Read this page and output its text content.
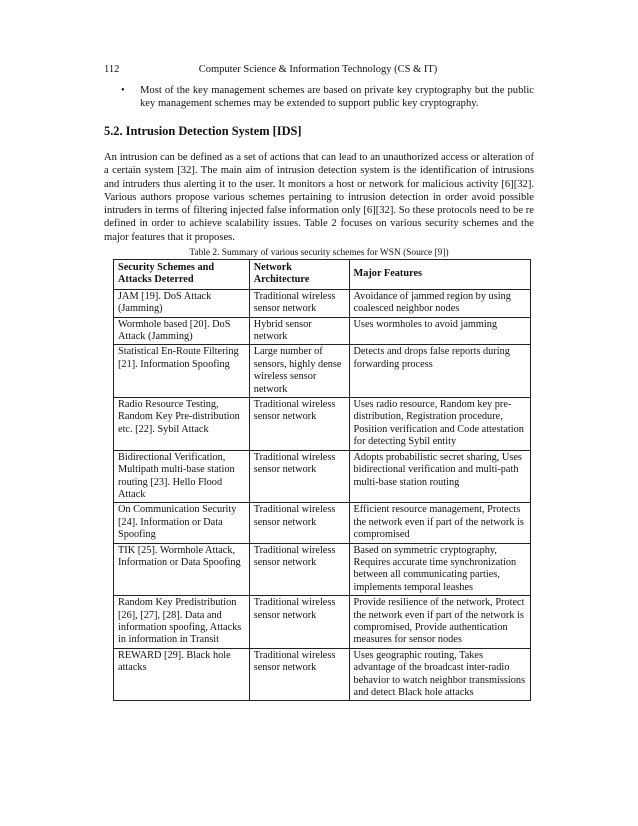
112	Computer Science & Information Technology (CS & IT)
• Most of the key management schemes are based on private key cryptography but the public key management schemes may be extended to support public key cryptography.
5.2. Intrusion Detection System [IDS]
An intrusion can be defined as a set of actions that can lead to an unauthorized access or alteration of a certain system [32]. The main aim of intrusion detection system is the identification of intrusions and intruders thus alerting it to the user. It monitors a host or network for malicious activity [6][32]. Various authors propose various schemes pertaining to intrusion detection in order avoid possible intruders in terms of filtering injected false information only [6][32]. So these protocols need to be re defined in order to achieve scalability issues. Table 2 focuses on various security schemes and the major features that it proposes.
Table 2. Summary of various security schemes for WSN (Source [9])
Security Schemes and Attacks Deterred	Network Architecture	Major Features
JAM [19]. DoS Attack (Jamming)	Traditional wireless sensor network	Avoidance of jammed region by using coalesced neighbor nodes
Wormhole based [20]. DoS Attack (Jamming)	Hybrid sensor network	Uses wormholes to avoid jamming
Statistical En-Route Filtering [21]. Information Spoofing	Large number of sensors, highly dense wireless sensor network	Detects and drops false reports during forwarding process
Radio Resource Testing, Random Key Pre-distribution etc. [22]. Sybil Attack	Traditional wireless sensor network	Uses radio resource, Random key pre-distribution, Registration procedure, Position verification and Code attestation for detecting Sybil entity
Bidirectional Verification, Multipath multi-base station routing [23]. Hello Flood Attack	Traditional wireless sensor network	Adopts probabilistic secret sharing, Uses bidirectional verification and multi-path multi-base station routing
On Communication Security [24]. Information or Data Spoofing	Traditional wireless sensor network	Efficient resource management, Protects the network even if part of the network is compromised
TIK [25]. Wormhole Attack, Information or Data Spoofing	Traditional wireless sensor network	Based on symmetric cryptography, Requires accurate time synchronization between all communicating parties, implements temporal leashes
Random Key Predistribution [26], [27], [28]. Data and information spoofing, Attacks in information in Transit	Traditional wireless sensor network	Provide resilience of the network, Protect the network even if part of the network is compromised, Provide authentication measures for sensor nodes
REWARD [29]. Black hole attacks	Traditional wireless sensor network	Uses geographic routing, Takes advantage of the broadcast inter-radio behavior to watch neighbor transmissions and detect Black hole attacks
